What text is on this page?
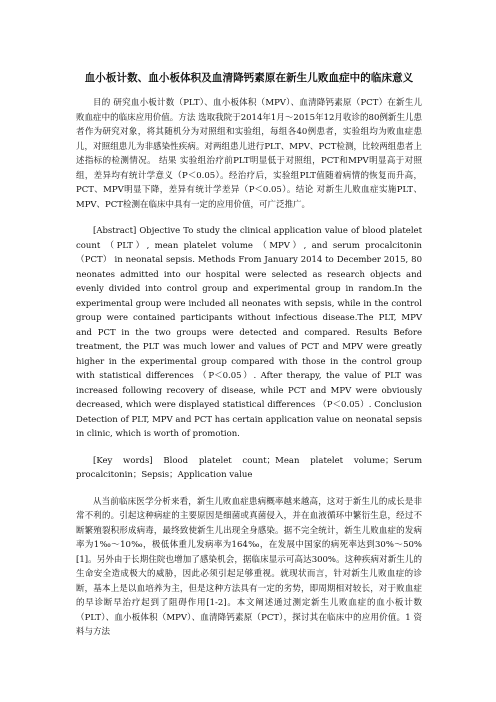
血小板计数、血小板体积及血清降钙素原在新生儿败血症中的临床意义

目的 研究血小板计数（PLT）、血小板体积（MPV）、血清降钙素原（PCT）在新生儿败血症中的临床应用价值。方法 选取我院于2014年1月～2015年12月收诊的80例新生儿患者作为研究对象，将其随机分为对照组和实验组，每组各40例患者，实验组均为败血症患儿，对照组患儿为非感染性疾病。对两组患儿进行PLT、MPV、PCT检测，比较两组患者上述指标的检测情况。 结果 实验组治疗前PLT明显低于对照组，PCT和MPV明显高于对照组，差异均有统计学意义（P＜0.05）。经治疗后，实验组PLT值随着病情的恢复而升高，PCT、MPV明显下降，差异有统计学差异（P＜0.05）。结论 对新生儿败血症实施PLT、MPV、PCT检测在临床中具有一定的应用价值，可广泛推广。

[Abstract] Objective To study the clinical application value of blood platelet count （PLT）, mean platelet volume （MPV）, and serum procalcitonin （PCT） in neonatal sepsis. Methods From January 2014 to December 2015, 80 neonates admitted into our hospital were selected as research objects and evenly divided into control group and experimental group in random.In the experimental group were included all neonates with sepsis, while in the control group were contained participants without infectious disease.The PLT, MPV and PCT in the two groups were detected and compared. Results Before treatment, the PLT was much lower and values of PCT and MPV were greatly higher in the experimental group compared with those in the control group with statistical differences （P＜0.05）. After therapy, the value of PLT was increased following recovery of disease, while PCT and MPV were obviously decreased, which were displayed statistical differences （P＜0.05）. Conclusion Detection of PLT, MPV and PCT has certain application value on neonatal sepsis in clinic, which is worth of promotion.

[Key words] Blood platelet count；Mean platelet volume；Serum procalcitonin；Sepsis；Application value

从当前临床医学分析来看，新生儿败血症患病概率越来越高，这对于新生儿的成长是非常不利的。引起这种病症的主要原因是细菌或真菌侵入，并在血液循环中繁衍生息，经过不断繁殖裂积形成病毒，最终致使新生儿出现全身感染。据不完全统计，新生儿败血症的发病率为1‰～10‰，极低体重儿发病率为164‰，在发展中国家的病死率达到30%～50%[1]。另外由于长期住院也增加了感染机会，据临床显示可高达300%。这种疾病对新生儿的生命安全造成极大的威胁，因此必须引起足够重视。就现状而言，针对新生儿败血症的诊断，基本上是以血培养为主，但是这种方法具有一定的劣势，即周期相对较长，对于败血症的早诊断早治疗起到了阻碍作用[1-2]。本文阐述通过测定新生儿败血症的血小板计数（PLT）、血小板体积（MPV）、血清降钙素原（PCT），探讨其在临床中的应用价值。1 资料与方法
